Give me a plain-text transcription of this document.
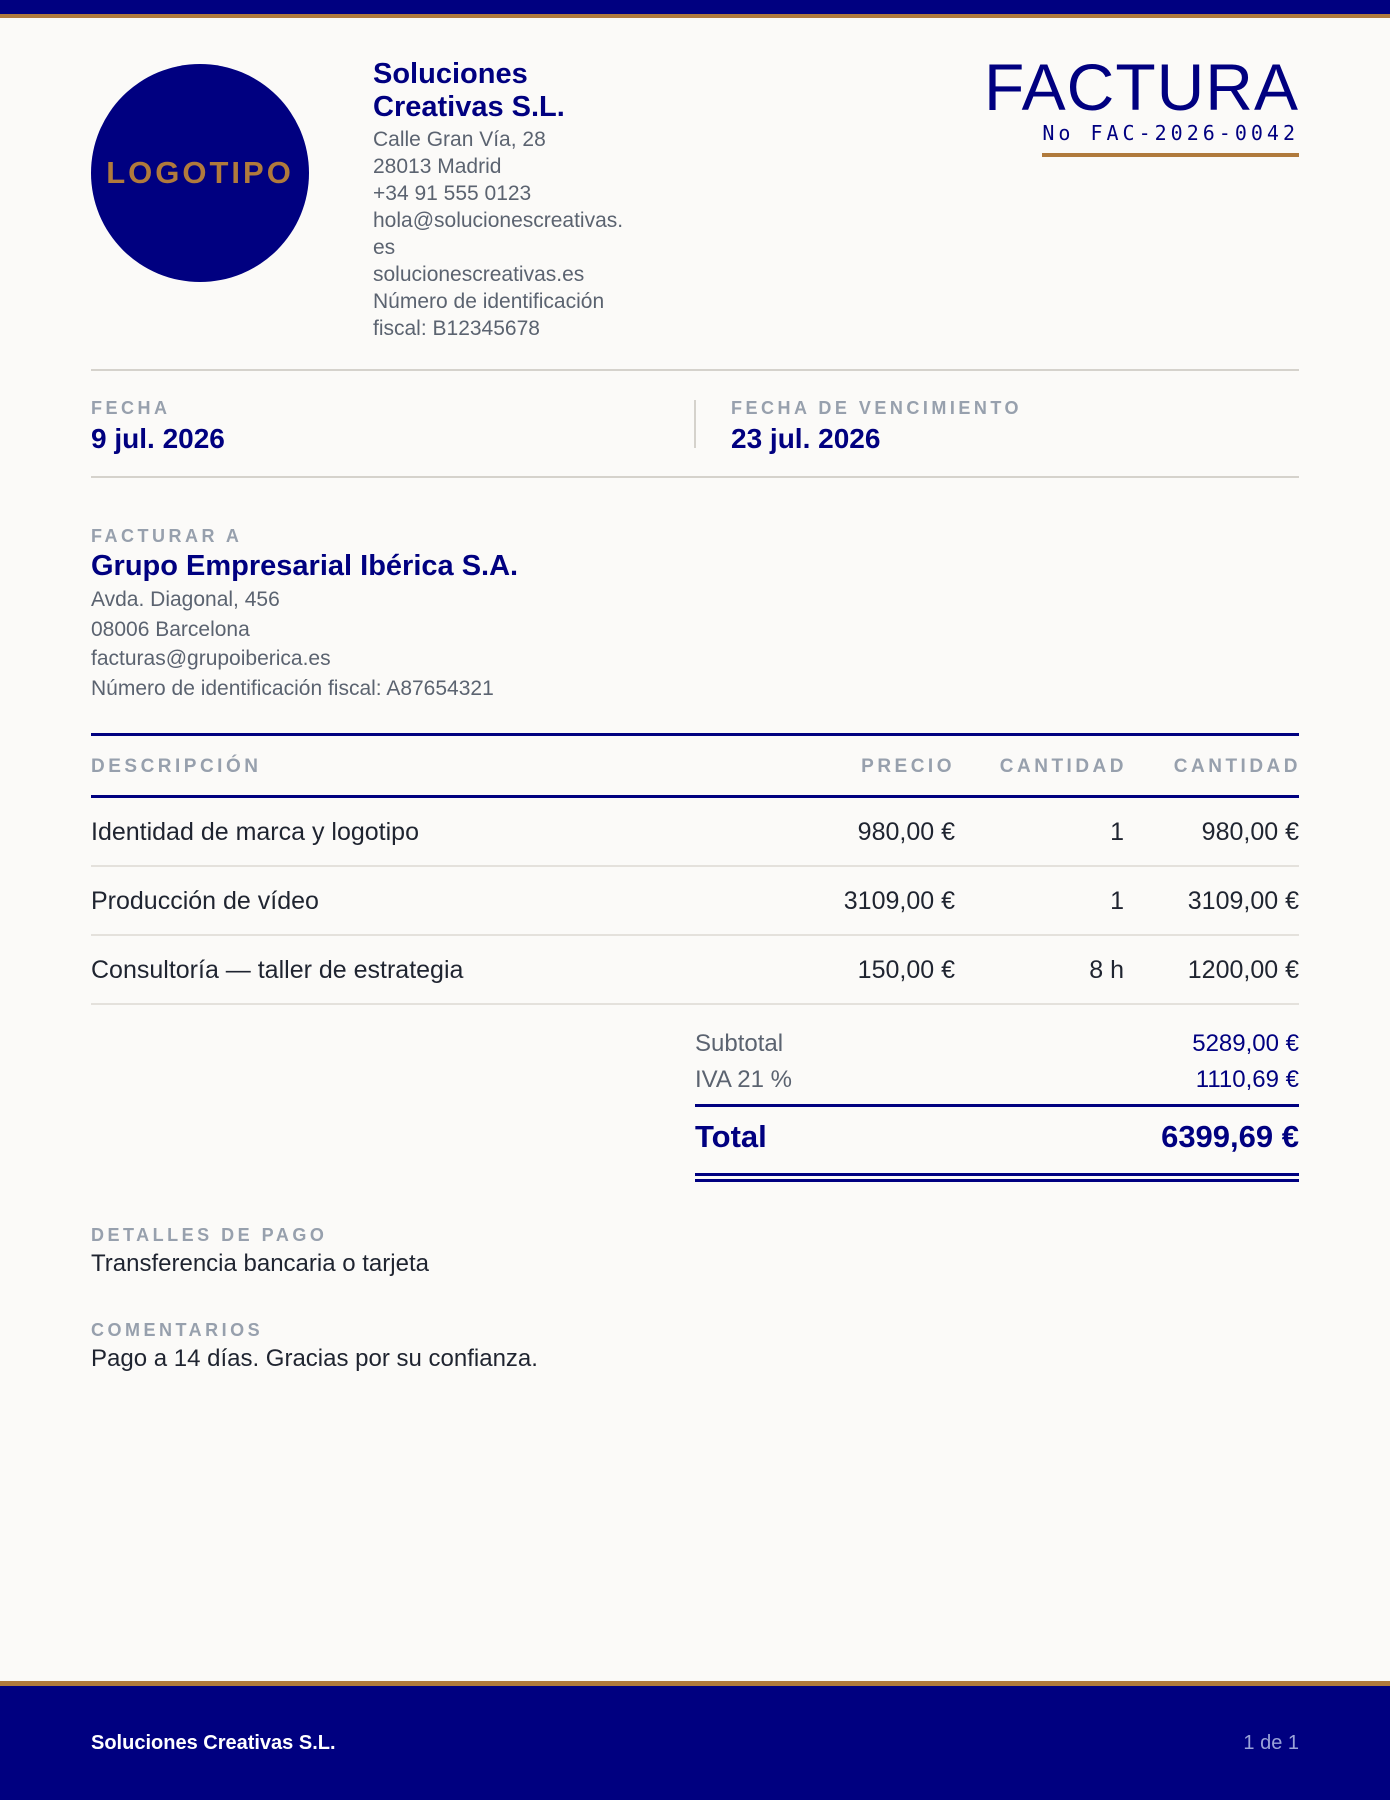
LOGOTIPO
Soluciones Creativas S.L.
Calle Gran Vía, 28
28013 Madrid
+34 91 555 0123
hola@solucionescreativas.
es
solucionescreativas.es
Número de identificación
fiscal: B12345678
FACTURA
No FAC-2026-0042
FECHA
9 jul. 2026
FECHA DE VENCIMIENTO
23 jul. 2026
FACTURAR A
Grupo Empresarial Ibérica S.A.
Avda. Diagonal, 456
08006 Barcelona
facturas@grupoiberica.es
Número de identificación fiscal: A87654321
DESCRIPCIÓN	PRECIO CANTIDAD CANTIDAD
Identidad de marca y logotipo	980,00 €	1	980,00 €
Producción de vídeo	3109,00 €	1	3109,00 €
Consultoría — taller de estrategia	150,00 €	8 h	1200,00 €
Subtotal	5289,00 €
IVA 21 %	1110,69 €
Total	6399,69 €
DETALLES DE PAGO
Transferencia bancaria o tarjeta
COMENTARIOS
Pago a 14 días. Gracias por su confianza.
Soluciones Creativas S.L.	1 de 1
